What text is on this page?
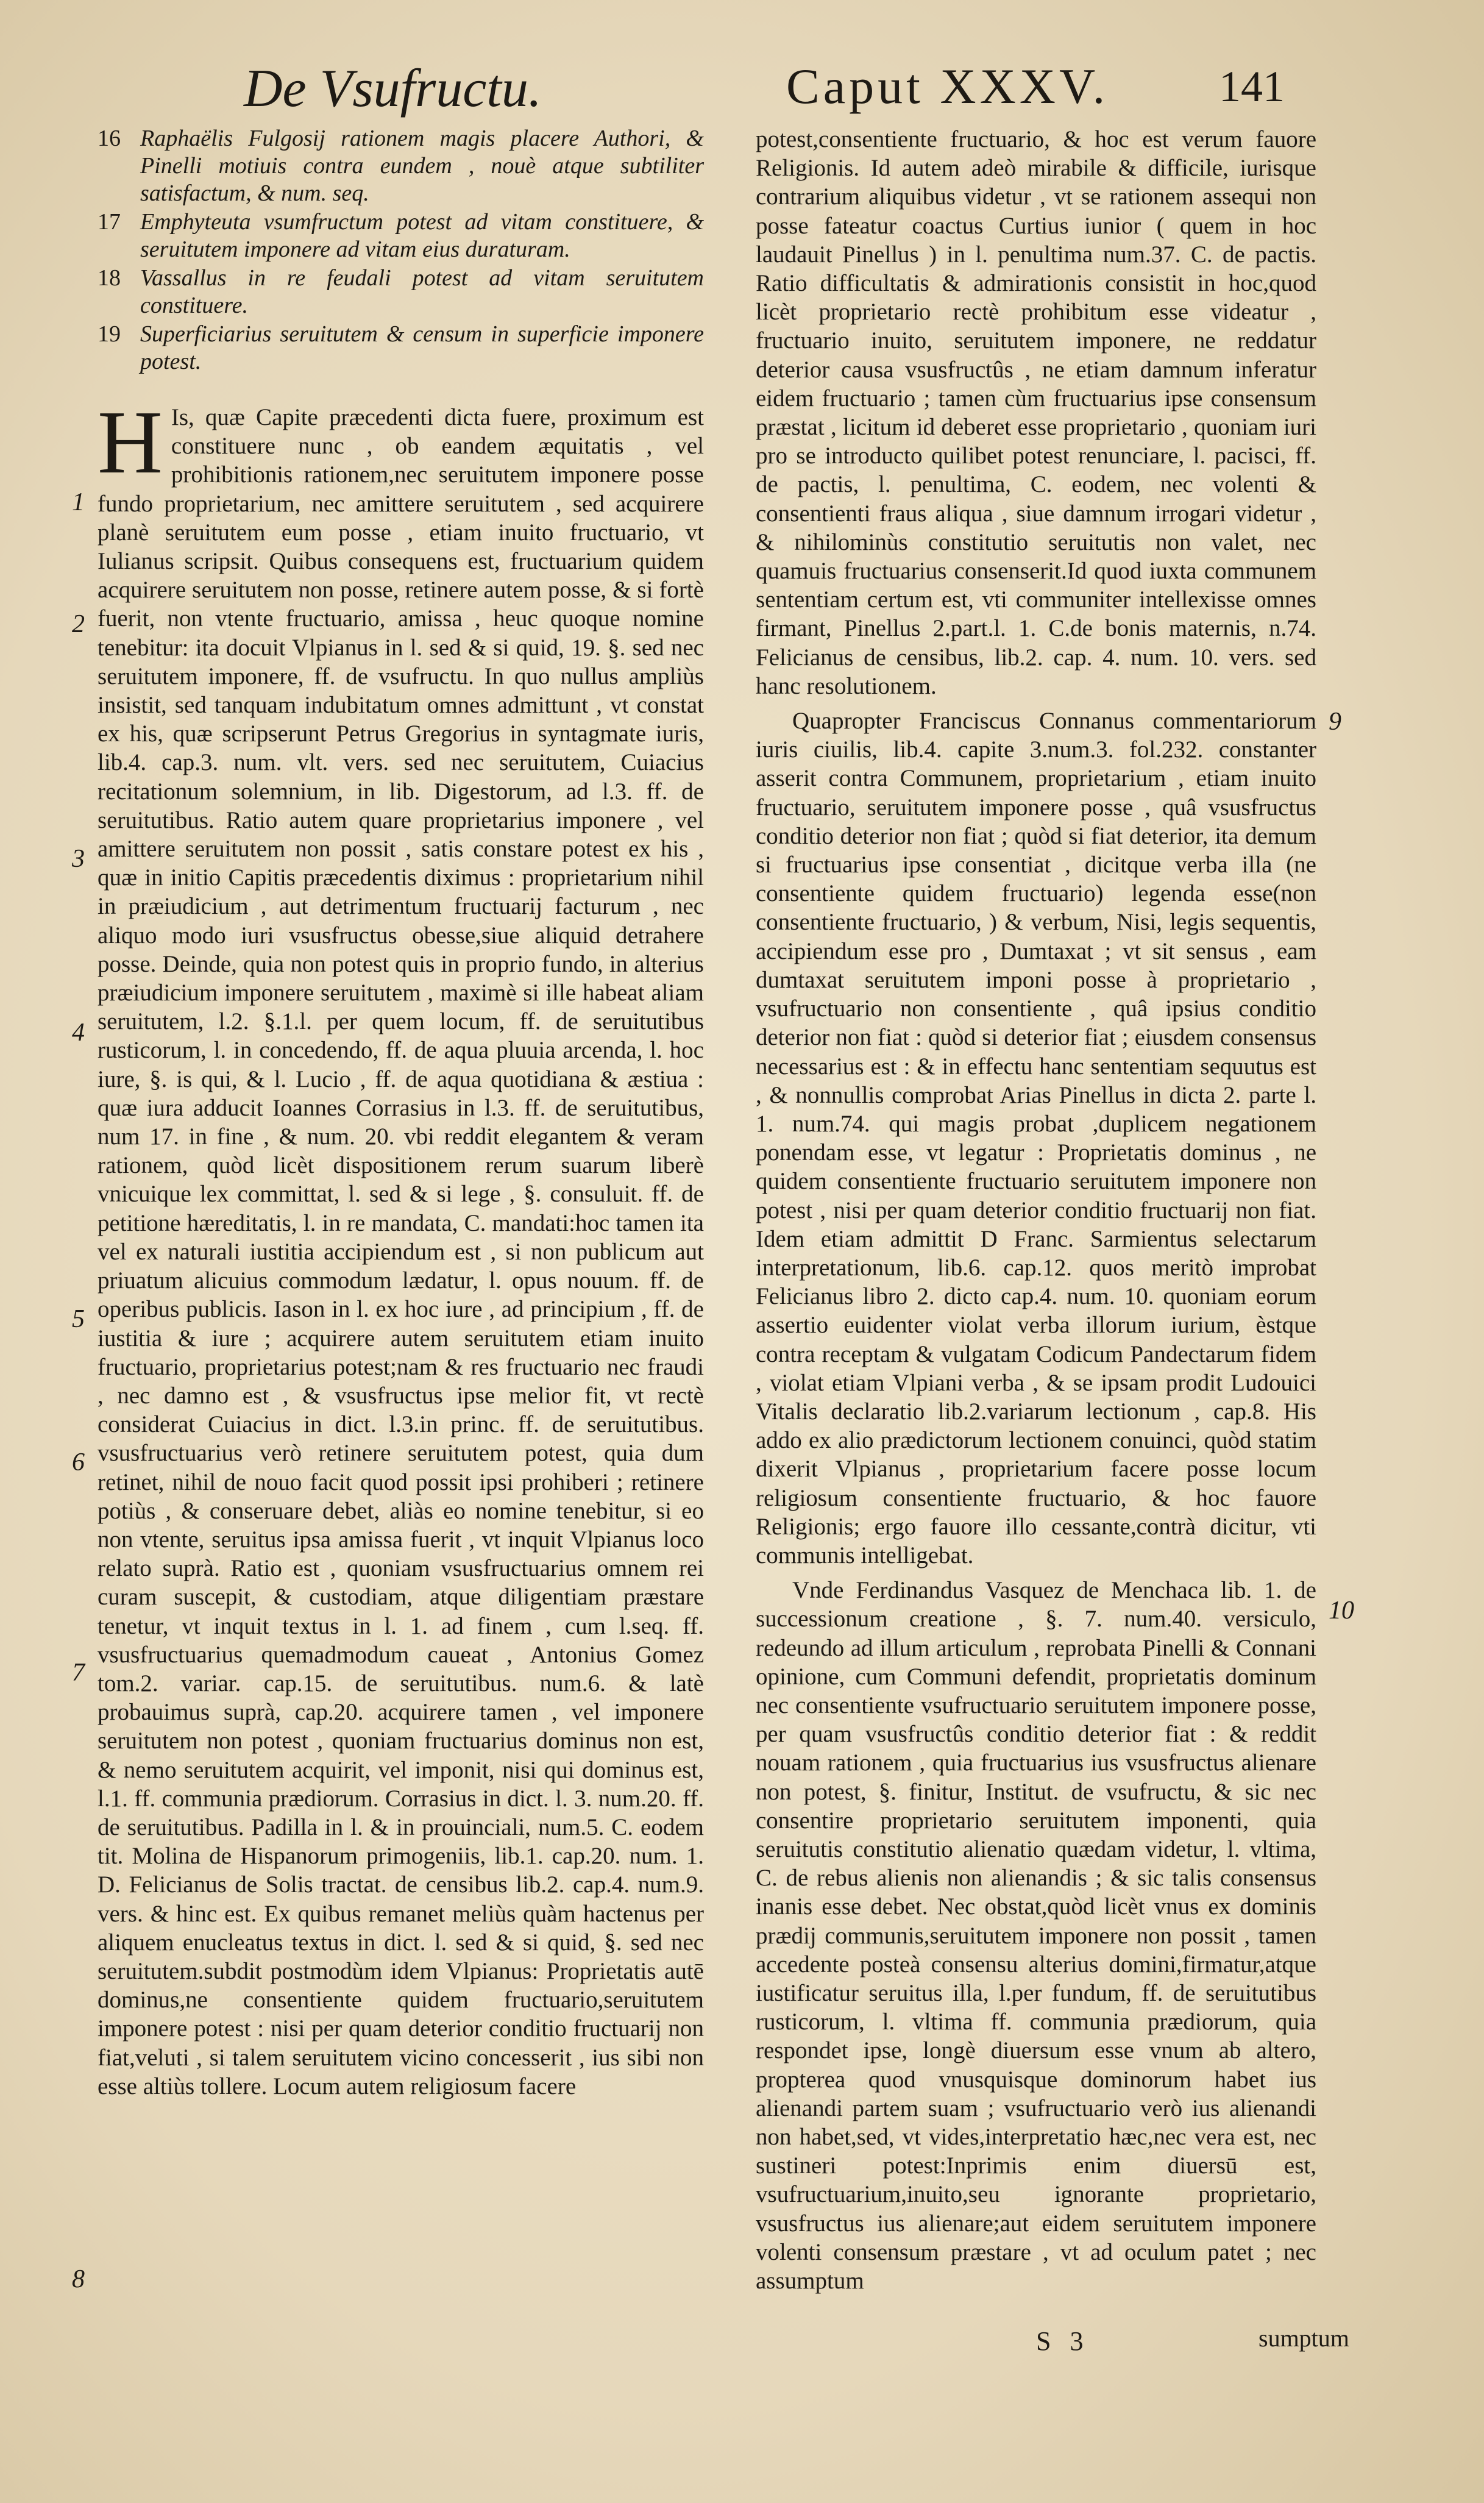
De Vsufructu.	Caput XXXV.	141

16 Raphaëlis Fulgosij rationem magis placere Authori, & Pinelli motiuis contra eundem , nouè atque subtiliter satisfactum, & num. seq.

17 Emphyteuta vsumfructum potest ad vitam constituere, & seruitutem imponere ad vitam eius duraturam.

18 Vassallus in re feudali potest ad vitam seruitutem constituere.

19 Superficiarius seruitutem & censum in superficie imponere potest.

H Is, quæ Capite præcedenti dicta fuere, proximum est constituere nunc , ob eandem æquitatis , vel prohibitionis rationem,nec seruitutem imponere posse fundo proprietarium, nec amittere seruitutem , sed acquirere planè seruitutem eum posse , etiam inuito fructuario, vt Iulianus scripsit. Quibus consequens est, fructuarium quidem acquirere seruitutem non posse, retinere autem posse, & si fortè fuerit, non vtente fructuario, amissa , heuc quoque nomine tenebitur: ita docuit Vlpianus in l. sed & si quid, 19. §. sed nec seruitutem imponere, ff. de vsufructu. In quo nullus ampliùs insistit, sed tanquam indubitatum omnes admittunt , vt constat ex his, quæ scripserunt Petrus Gregorius in syntagmate iuris, lib.4. cap.3. num. vlt. vers. sed nec seruitutem, Cuiacius recitationum solemnium, in lib. Digestorum, ad l.3. ff. de seruitutibus. Ratio autem quare proprietarius imponere , vel amittere seruitutem non possit , satis constare potest ex his , quæ in initio Capitis præcedentis diximus : proprietarium nihil in præiudicium , aut detrimentum fructuarij facturum , nec aliquo modo iuri vsusfructus obesse,siue aliquid detrahere posse. Deinde, quia non potest quis in proprio fundo, in alterius præiudicium imponere seruitutem , maximè si ille habeat aliam seruitutem, l.2. §.1.l. per quem locum, ff. de seruitutibus rusticorum, l. in concedendo, ff. de aqua pluuia arcenda, l. hoc iure, §. is qui, & l. Lucio , ff. de aqua quotidiana & æstiua : quæ iura adducit Ioannes Corrasius in l.3. ff. de seruitutibus, num 17. in fine , & num. 20. vbi reddit elegantem & veram rationem, quòd licèt dispositionem rerum suarum liberè vnicuique lex committat, l. sed & si lege , §. consuluit. ff. de petitione hæreditatis, l. in re mandata, C. mandati:hoc tamen ita vel ex naturali iustitia accipiendum est , si non publicum aut priuatum alicuius commodum lædatur, l. opus nouum. ff. de operibus publicis. Iason in l. ex hoc iure , ad principium , ff. de iustitia & iure ; acquirere autem seruitutem etiam inuito fructuario, proprietarius potest;nam & res fructuario nec fraudi , nec damno est , & vsusfructus ipse melior fit, vt rectè considerat Cuiacius in dict. l.3.in princ. ff. de seruitutibus. vsusfructuarius verò retinere seruitutem potest, quia dum retinet, nihil de nouo facit quod possit ipsi prohiberi ; retinere potiùs , & conseruare debet, aliàs eo nomine tenebitur, si eo non vtente, seruitus ipsa amissa fuerit , vt inquit Vlpianus loco relato suprà. Ratio est , quoniam vsusfructuarius omnem rei curam suscepit, & custodiam, atque diligentiam præstare tenetur, vt inquit textus in l. 1. ad finem , cum l.seq. ff. vsusfructuarius quemadmodum caueat , Antonius Gomez tom.2. variar. cap.15. de seruitutibus. num.6. & latè probauimus suprà, cap.20. acquirere tamen , vel imponere seruitutem non potest , quoniam fructuarius dominus non est, & nemo seruitutem acquirit, vel imponit, nisi qui dominus est, l.1. ff. communia prædiorum. Corrasius in dict. l. 3. num.20. ff. de seruitutibus. Padilla in l. & in prouinciali, num.5. C. eodem tit. Molina de Hispanorum primogeniis, lib.1. cap.20. num. 1. D. Felicianus de Solis tractat. de censibus lib.2. cap.4. num.9. vers. & hinc est. Ex quibus remanet meliùs quàm hactenus per aliquem enucleatus textus in dict. l. sed & si quid, §. sed nec seruitutem.subdit postmodùm idem Vlpianus: Proprietatis autē dominus,ne consentiente quidem fructuario,seruitutem imponere potest : nisi per quam deterior conditio fructuarij non fiat,veluti , si talem seruitutem vicino concesserit , ius sibi non esse altiùs tollere. Locum autem religiosum facere

potest,consentiente fructuario, & hoc est verum fauore Religionis. Id autem adeò mirabile & difficile, iurisque contrarium aliquibus videtur , vt se rationem assequi non posse fateatur coactus Curtius iunior ( quem in hoc laudauit Pinellus ) in l. penultima num.37. C. de pactis. Ratio difficultatis & admirationis consistit in hoc,quod licèt proprietario rectè prohibitum esse videatur , fructuario inuito, seruitutem imponere, ne reddatur deterior causa vsusfructûs , ne etiam damnum inferatur eidem fructuario ; tamen cùm fructuarius ipse consensum præstat , licitum id deberet esse proprietario , quoniam iuri pro se introducto quilibet potest renunciare, l. pacisci, ff. de pactis, l. penultima, C. eodem, nec volenti & consentienti fraus aliqua , siue damnum irrogari videtur , & nihilominùs constitutio seruitutis non valet, nec quamuis fructuarius consenserit.Id quod iuxta communem sententiam certum est, vti communiter intellexisse omnes firmant, Pinellus 2.part.l. 1. C.de bonis maternis, n.74. Felicianus de censibus, lib.2. cap. 4. num. 10. vers. sed hanc resolutionem.

Quapropter Franciscus Connanus commentariorum iuris ciuilis, lib.4. capite 3.num.3. fol.232. constanter asserit contra Communem, proprietarium , etiam inuito fructuario, seruitutem imponere posse , quâ vsusfructus conditio deterior non fiat ; quòd si fiat deterior, ita demum si fructuarius ipse consentiat , dicitque verba illa (ne consentiente quidem fructuario) legenda esse(non consentiente fructuario, ) & verbum, Nisi, legis sequentis, accipiendum esse pro , Dumtaxat ; vt sit sensus , eam dumtaxat seruitutem imponi posse à proprietario , vsufructuario non consentiente , quâ ipsius conditio deterior non fiat : quòd si deterior fiat ; eiusdem consensus necessarius est : & in effectu hanc sententiam sequutus est , & nonnullis comprobat Arias Pinellus in dicta 2. parte l. 1. num.74. qui magis probat ,duplicem negationem ponendam esse, vt legatur : Proprietatis dominus , ne quidem consentiente fructuario seruitutem imponere non potest , nisi per quam deterior conditio fructuarij non fiat. Idem etiam admittit D Franc. Sarmientus selectarum interpretationum, lib.6. cap.12. quos meritò improbat Felicianus libro 2. dicto cap.4. num. 10. quoniam eorum assertio euidenter violat verba illorum iurium, èstque contra receptam & vulgatam Codicum Pandectarum fidem , violat etiam Vlpiani verba , & se ipsam prodit Ludouici Vitalis declaratio lib.2.variarum lectionum , cap.8. His addo ex alio prædictorum lectionem conuinci, quòd statim dixerit Vlpianus , proprietarium facere posse locum religiosum consentiente fructuario, & hoc fauore Religionis; ergo fauore illo cessante,contrà dicitur, vti communis intelligebat.

Vnde Ferdinandus Vasquez de Menchaca lib. 1. de successionum creatione , §. 7. num.40. versiculo, redeundo ad illum articulum , reprobata Pinelli & Connani opinione, cum Communi defendit, proprietatis dominum nec consentiente vsufructuario seruitutem imponere posse, per quam vsusfructûs conditio deterior fiat : & reddit nouam rationem , quia fructuarius ius vsusfructus alienare non potest, §. finitur, Institut. de vsufructu, & sic nec consentire proprietario seruitutem imponenti, quia seruitutis constitutio alienatio quædam videtur, l. vltima, C. de rebus alienis non alienandis ; & sic talis consensus inanis esse debet. Nec obstat,quòd licèt vnus ex dominis prædij communis,seruitutem imponere non possit , tamen accedente posteà consensu alterius domini,firmatur,atque iustificatur seruitus illa, l.per fundum, ff. de seruitutibus rusticorum, l. vltima ff. communia prædiorum, quia respondet ipse, longè diuersum esse vnum ab altero, propterea quod vnusquisque dominorum habet ius alienandi partem suam ; vsufructuario verò ius alienandi non habet,sed, vt vides,interpretatio hæc,nec vera est, nec sustineri potest:Inprimis enim diuersū est, vsufructuarium,inuito,seu ignorante proprietario, vsusfructus ius alienare;aut eidem seruitutem imponere volenti consensum præstare , vt ad oculum patet ; nec assumptum

1
2
3
4
5
6
7
8
9
10
S 3	sumptum
